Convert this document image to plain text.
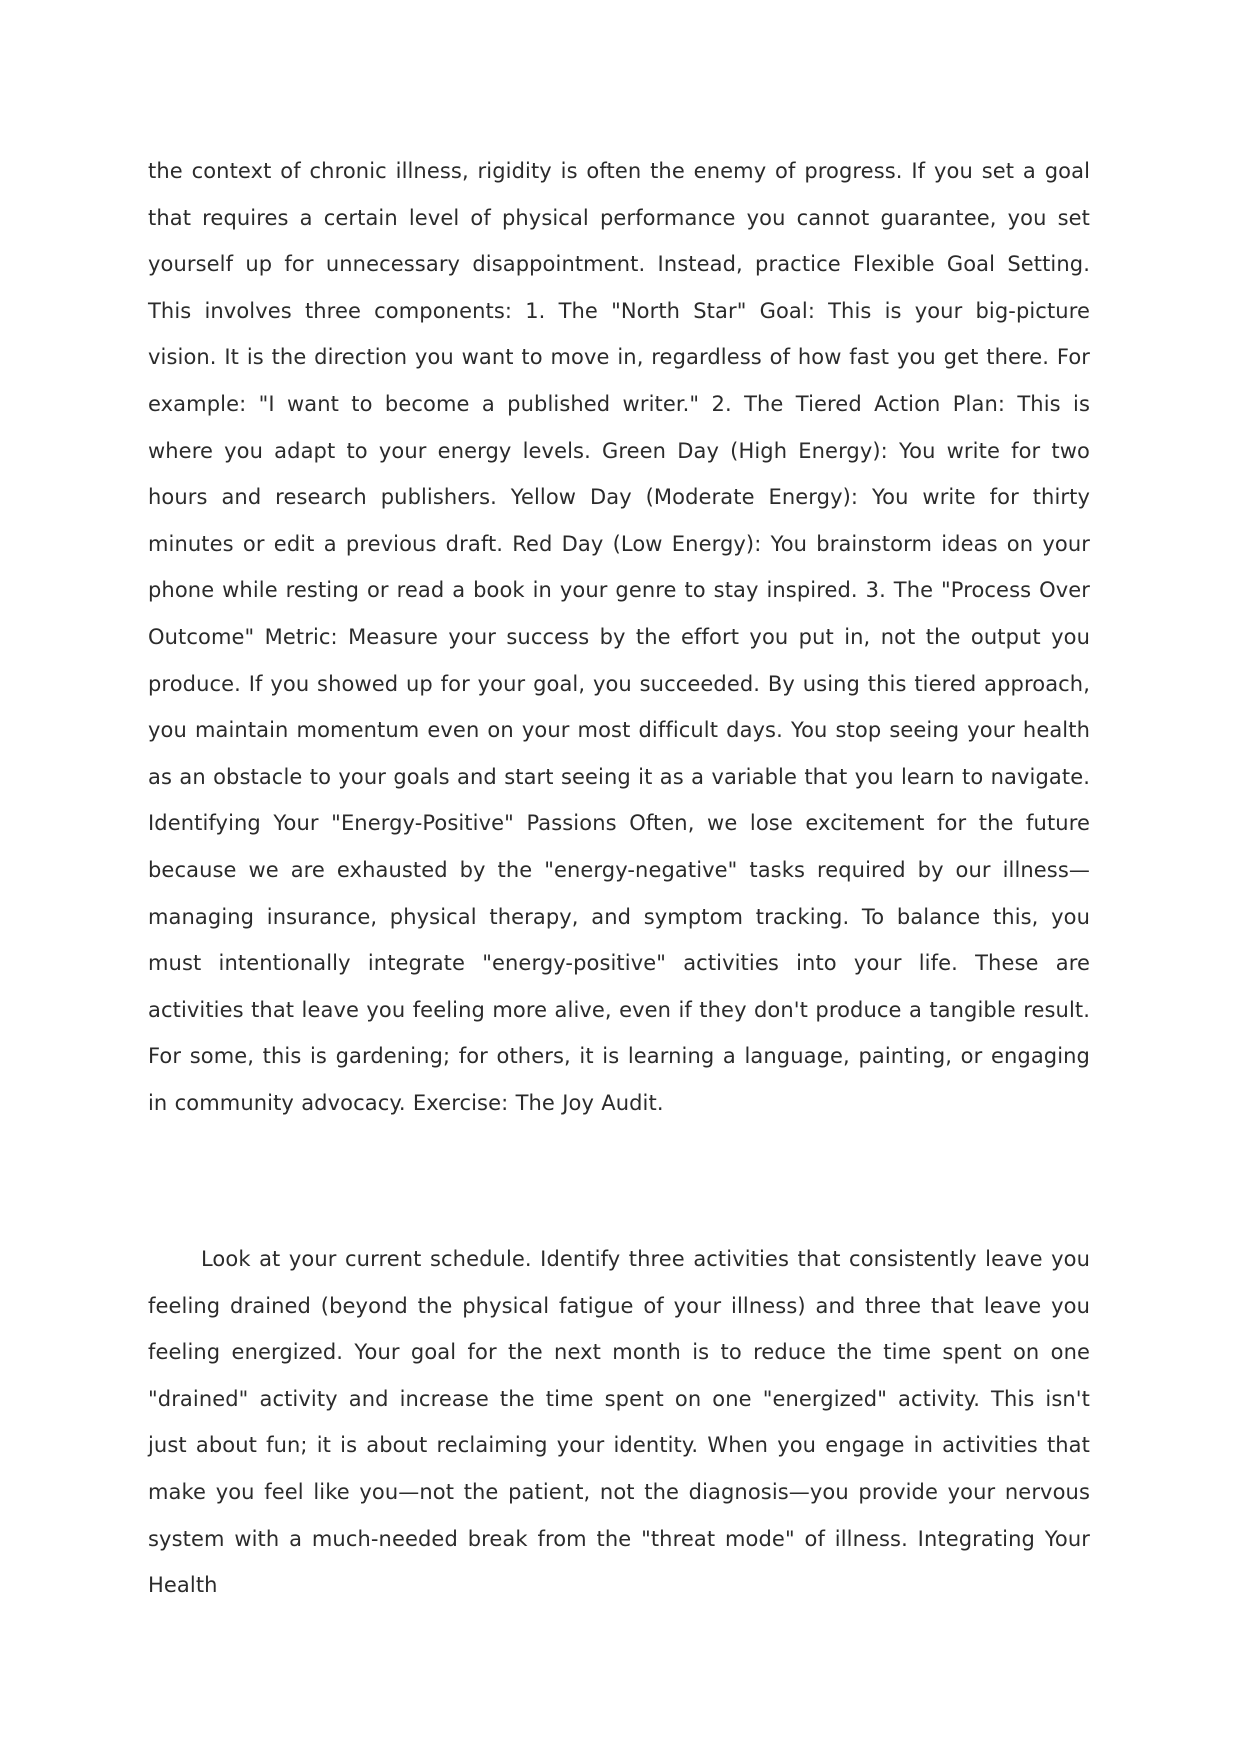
the context of chronic illness, rigidity is often the enemy of progress. If you set a goal that requires a certain level of physical performance you cannot guarantee, you set yourself up for unnecessary disappointment. Instead, practice Flexible Goal Setting. This involves three components: 1. The "North Star" Goal: This is your big-picture vision. It is the direction you want to move in, regardless of how fast you get there. For example: "I want to become a published writer." 2. The Tiered Action Plan: This is where you adapt to your energy levels. Green Day (High Energy): You write for two hours and research publishers. Yellow Day (Moderate Energy): You write for thirty minutes or edit a previous draft. Red Day (Low Energy): You brainstorm ideas on your phone while resting or read a book in your genre to stay inspired. 3. The "Process Over Outcome" Metric: Measure your success by the effort you put in, not the output you produce. If you showed up for your goal, you succeeded. By using this tiered approach, you maintain momentum even on your most difficult days. You stop seeing your health as an obstacle to your goals and start seeing it as a variable that you learn to navigate. Identifying Your "Energy-Positive" Passions Often, we lose excitement for the future because we are exhausted by the "energy-negative" tasks required by our illness—managing insurance, physical therapy, and symptom tracking. To balance this, you must intentionally integrate "energy-positive" activities into your life. These are activities that leave you feeling more alive, even if they don't produce a tangible result. For some, this is gardening; for others, it is learning a language, painting, or engaging in community advocacy. Exercise: The Joy Audit.

Look at your current schedule. Identify three activities that consistently leave you feeling drained (beyond the physical fatigue of your illness) and three that leave you feeling energized. Your goal for the next month is to reduce the time spent on one "drained" activity and increase the time spent on one "energized" activity. This isn't just about fun; it is about reclaiming your identity. When you engage in activities that make you feel like you—not the patient, not the diagnosis—you provide your nervous system with a much-needed break from the "threat mode" of illness. Integrating Your Health
